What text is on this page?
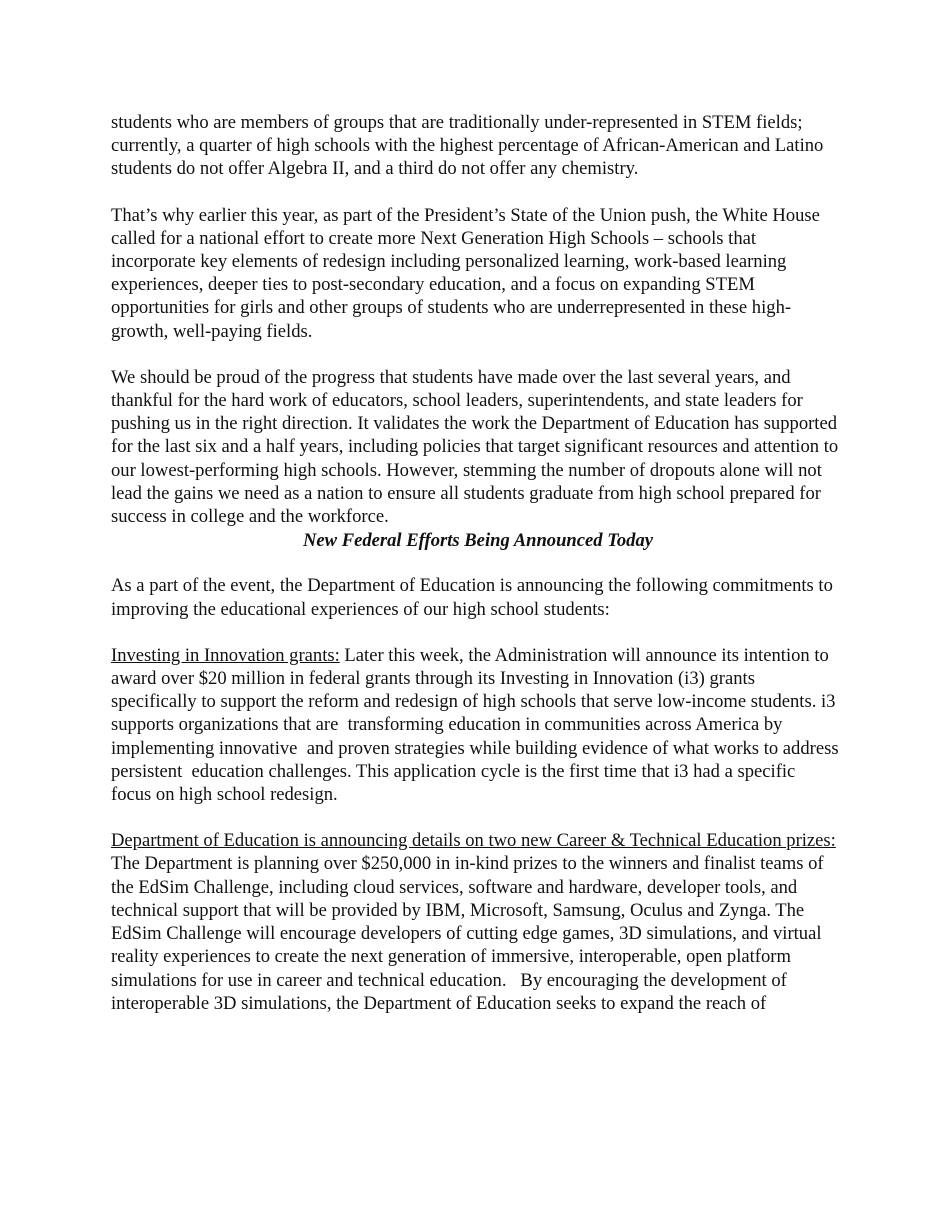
students who are members of groups that are traditionally under-represented in STEM fields; currently, a quarter of high schools with the highest percentage of African-American and Latino students do not offer Algebra II, and a third do not offer any chemistry.

That’s why earlier this year, as part of the President’s State of the Union push, the White House called for a national effort to create more Next Generation High Schools – schools that incorporate key elements of redesign including personalized learning, work-based learning experiences, deeper ties to post-secondary education, and a focus on expanding STEM opportunities for girls and other groups of students who are underrepresented in these high-growth, well-paying fields.

We should be proud of the progress that students have made over the last several years, and thankful for the hard work of educators, school leaders, superintendents, and state leaders for pushing us in the right direction. It validates the work the Department of Education has supported for the last six and a half years, including policies that target significant resources and attention to our lowest-performing high schools. However, stemming the number of dropouts alone will not lead the gains we need as a nation to ensure all students graduate from high school prepared for success in college and the workforce.

New Federal Efforts Being Announced Today

As a part of the event, the Department of Education is announcing the following commitments to improving the educational experiences of our high school students:

Investing in Innovation grants: Later this week, the Administration will announce its intention to award over $20 million in federal grants through its Investing in Innovation (i3) grants specifically to support the reform and redesign of high schools that serve low-income students. i3 supports organizations that are  transforming education in communities across America by implementing innovative  and proven strategies while building evidence of what works to address persistent  education challenges. This application cycle is the first time that i3 had a specific focus on high school redesign.

Department of Education is announcing details on two new Career & Technical Education prizes: The Department is planning over $250,000 in in-kind prizes to the winners and finalist teams of the EdSim Challenge, including cloud services, software and hardware, developer tools, and technical support that will be provided by IBM, Microsoft, Samsung, Oculus and Zynga. The EdSim Challenge will encourage developers of cutting edge games, 3D simulations, and virtual reality experiences to create the next generation of immersive, interoperable, open platform simulations for use in career and technical education.   By encouraging the development of interoperable 3D simulations, the Department of Education seeks to expand the reach of
